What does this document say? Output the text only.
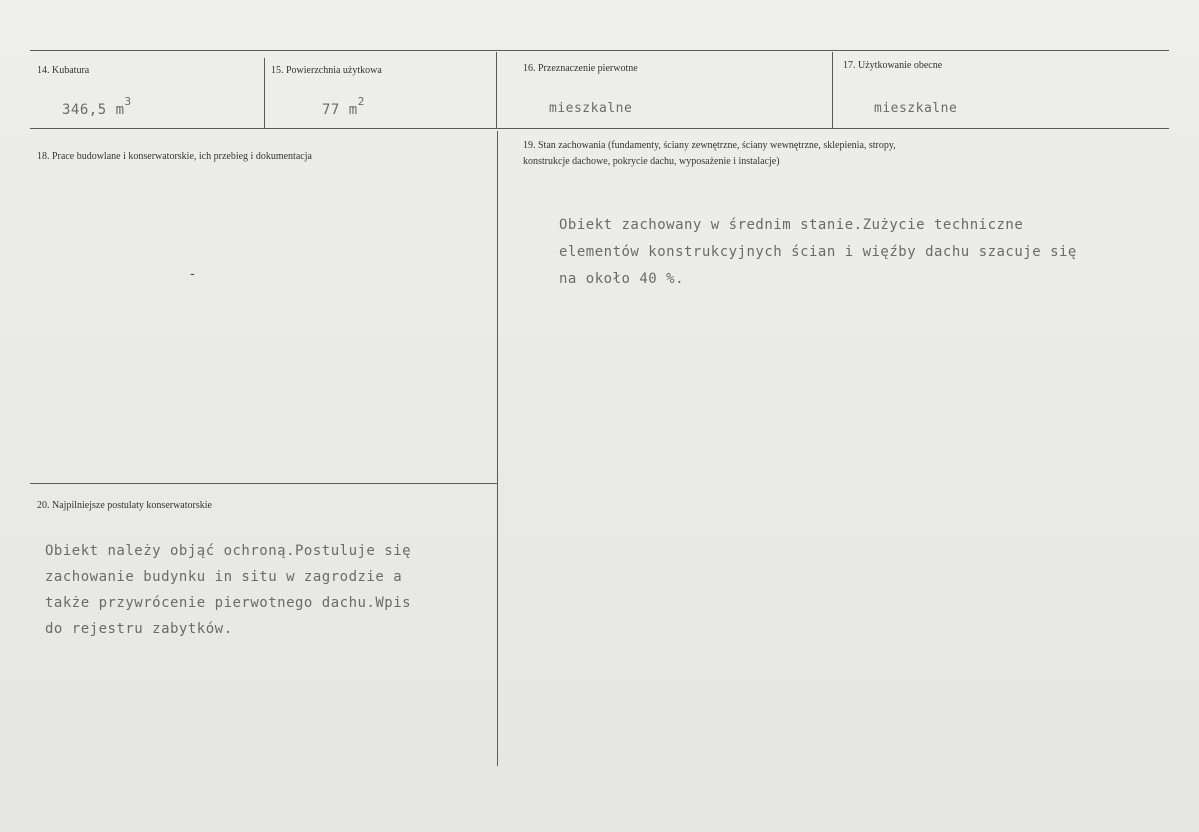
14. Kubatura
346,5 $m^3$
15. Powierzchnia użytkowa
77 $m^2$
16. Przeznaczenie pierwotne
mieszkalne
17. Użytkowanie obecne
mieszkalne
18. Prace budowlane i konserwatorskie, ich przebieg i dokumentacja
-
19. Stan zachowania (fundamenty, ściany zewnętrzne, ściany wewnętrzne, sklepienia, stropy,
konstrukcje dachowe, pokrycie dachu, wyposażenie i instalacje)
Obiekt zachowany w średnim stanie.Zużycie techniczne
elementów konstrukcyjnych ścian i więźby dachu szacuje się
na około 40 %.
20. Najpilniejsze postulaty konserwatorskie
Obiekt należy objąć ochroną.Postuluje się
zachowanie budynku in situ w zagrodzie a
także przywrócenie pierwotnego dachu.Wpis
do rejestru zabytków.
